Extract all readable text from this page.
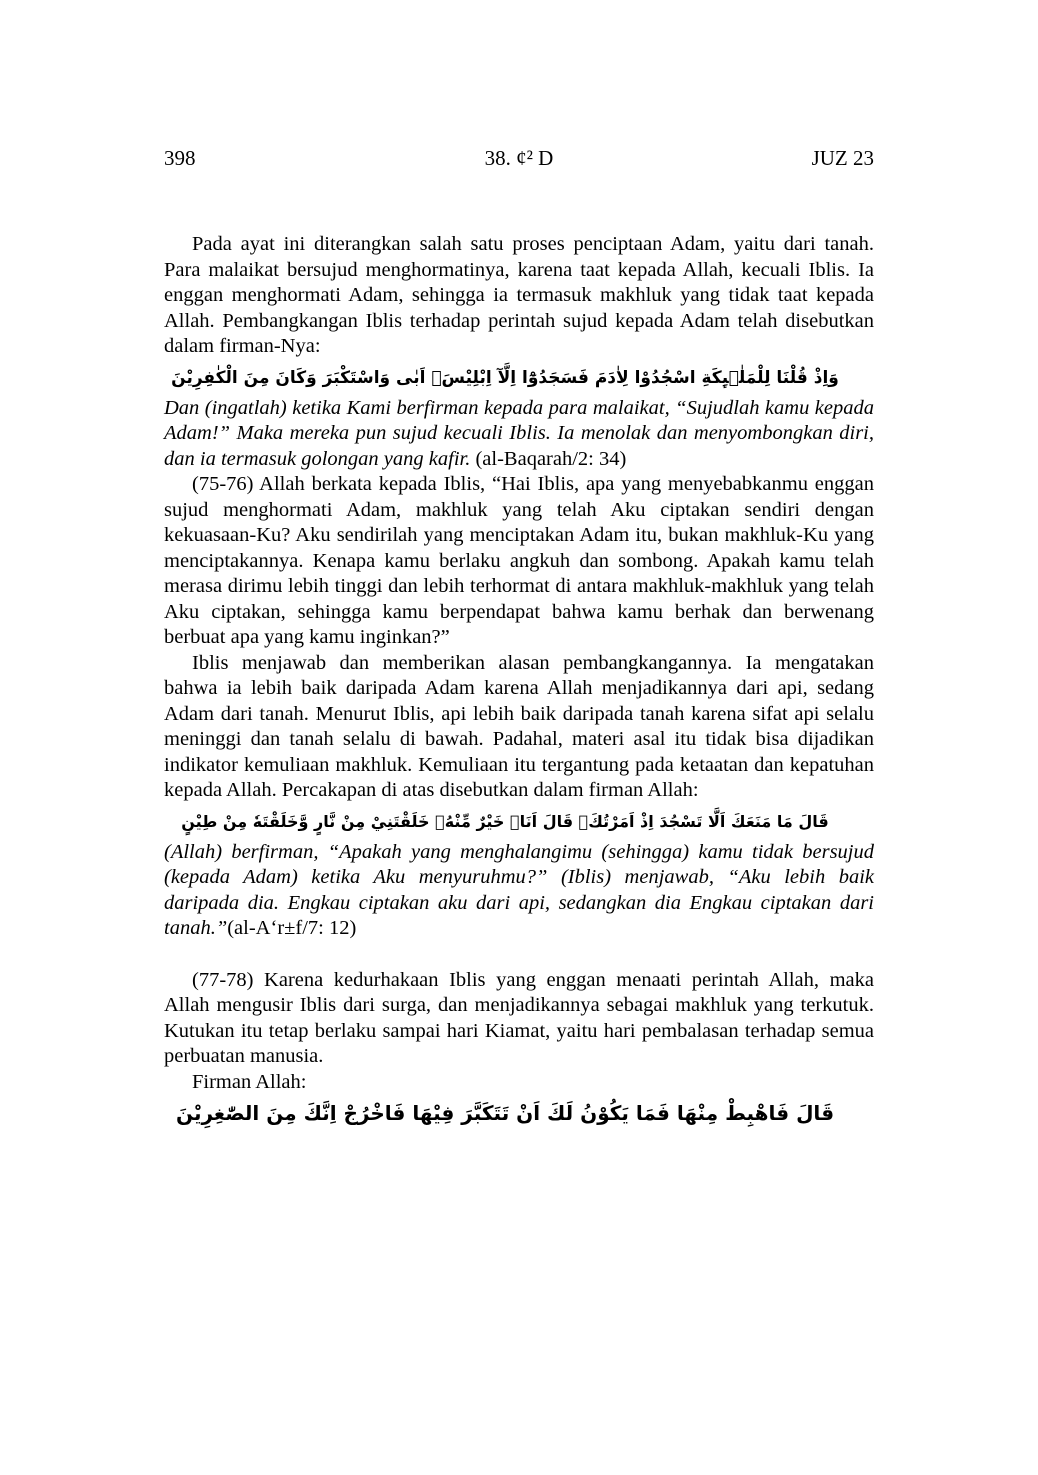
398	38. ¢² D	JUZ 23

Pada ayat ini diterangkan salah satu proses penciptaan Adam, yaitu dari tanah. Para malaikat bersujud menghormatinya, karena taat kepada Allah, kecuali Iblis. Ia enggan menghormati Adam, sehingga ia termasuk makhluk yang tidak taat kepada Allah. Pembangkangan Iblis terhadap perintah sujud kepada Adam telah disebutkan dalam firman-Nya:

وَاِذْ قُلْنَا لِلْمَلٰۤىِٕكَةِ اسْجُدُوْا لِاٰدَمَ فَسَجَدُوْٓا اِلَّآ اِبْلِيْسَۗ اَبٰى وَاسْتَكْبَرَ وَكَانَ مِنَ الْكٰفِرِيْنَ

Dan (ingatlah) ketika Kami berfirman kepada para malaikat, “Sujudlah kamu kepada Adam!” Maka mereka pun sujud kecuali Iblis. Ia menolak dan menyombongkan diri, dan ia termasuk golongan yang kafir. (al-Baqarah/2: 34)

(75-76) Allah berkata kepada Iblis, “Hai Iblis, apa yang menyebabkanmu enggan sujud menghormati Adam, makhluk yang telah Aku ciptakan sendiri dengan kekuasaan-Ku? Aku sendirilah yang menciptakan Adam itu, bukan makhluk-Ku yang menciptakannya. Kenapa kamu berlaku angkuh dan sombong. Apakah kamu telah merasa dirimu lebih tinggi dan lebih terhormat di antara makhluk-makhluk yang telah Aku ciptakan, sehingga kamu berpendapat bahwa kamu berhak dan berwenang berbuat apa yang kamu inginkan?”

Iblis menjawab dan memberikan alasan pembangkangannya. Ia mengatakan bahwa ia lebih baik daripada Adam karena Allah menjadikannya dari api, sedang Adam dari tanah. Menurut Iblis, api lebih baik daripada tanah karena sifat api selalu meninggi dan tanah selalu di bawah. Padahal, materi asal itu tidak bisa dijadikan indikator kemuliaan makhluk. Kemuliaan itu tergantung pada ketaatan dan kepatuhan kepada Allah. Percakapan di atas disebutkan dalam firman Allah:

قَالَ مَا مَنَعَكَ اَلَّا تَسْجُدَ اِذْ اَمَرْتُكَۗ قَالَ اَنَا۠ خَيْرٌ مِّنْهُۚ خَلَقْتَنِيْ مِنْ نَّارٍ وَّخَلَقْتَهٗ مِنْ طِيْنٍ

(Allah) berfirman, “Apakah yang menghalangimu (sehingga) kamu tidak bersujud (kepada Adam) ketika Aku menyuruhmu?” (Iblis) menjawab, “Aku lebih baik daripada dia. Engkau ciptakan aku dari api, sedangkan dia Engkau ciptakan dari tanah.”(al-A‘r±f/7: 12)

(77-78) Karena kedurhakaan Iblis yang enggan menaati perintah Allah, maka Allah mengusir Iblis dari surga, dan menjadikannya sebagai makhluk yang terkutuk. Kutukan itu tetap berlaku sampai hari Kiamat, yaitu hari pembalasan terhadap semua perbuatan manusia.

Firman Allah:

قَالَ فَاهْبِطْ مِنْهَا فَمَا يَكُوْنُ لَكَ اَنْ تَتَكَبَّرَ فِيْهَا فَاخْرُجْ اِنَّكَ مِنَ الصّٰغِرِيْنَ
